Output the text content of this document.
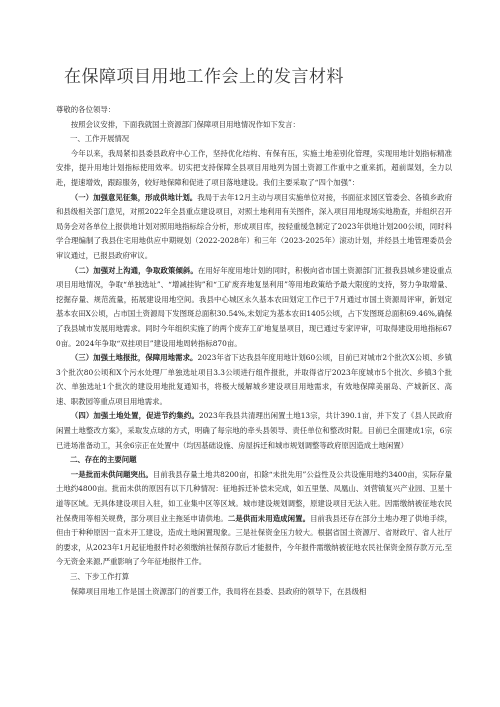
在保障项目用地工作会上的发言材料

尊敬的各位领导：

按照会议安排，下面我就国土资源部门保障项目用地情况作如下发言：

一、工作开展情况

今年以来，我局紧扣县委县政府中心工作，坚持优化结构、有保有压，实施土地差别化管理，实现用地计划指标精准安排，提升用地计划指标使用效率。切实把支持保障全县项目用地列为国土资源工作重中之重来抓，超前谋划，全力以赴，提速增效，跟踪服务，较好地保障和促进了项目落地建设。我们主要采取了“四个加强”：

（一）加强意见征集，形成供地计划。我局于去年12月主动与项目实施单位对接，书面征求园区管委会、各镇乡政府和县级相关部门意见，对照2022年全县重点建设项目，对照土地利用有关图件，深入项目用地现场实地勘查，并组织召开局务会对各单位上报供地计划对照用地指标综合分析，形成项目库，按轻重缓急制定了2023年供地计划200公顷，同时科学合理编制了我县住宅用地供应中期规划（2022-2028年）和三年（2023-2025年）滚动计划，并经县土地管理委员会审议通过，已报县政府审议。

（二）加强对上沟通，争取政策倾斜。在用好年度用地计划的同时，积极向省市国土资源部门汇报我县城乡建设重点项目用地情况，争取“单独选址”、“增减挂钩”和“工矿废弃地复垦利用”等用地政策给予最大限度的支持，努力争取增量、挖掘存量、规范流量，拓展建设用地空间。我县中心城区永久基本农田划定工作已于7月通过市国土资源局评审，新划定基本农田X公顷，占市国土资源局下发图斑总面积30.54%,未划定为基本农田1405公顷，占下发图斑总面积69.46%,确保了我县城市发展用地需求。同时今年组织实施了的两个废弃工矿地复垦项目，现已通过专家评审，可取得建设用地指标670亩。2024年争取“双挂项目”建设用地周转指标870亩。

（三）加强土地报批，保障用地需求。2023年省下达我县年度用地计划60公顷，目前已对城市2个批次X公顷、乡镇3个批次80公顷和X个污水处理厂单独选址项目3.3公顷进行组件报批，并取得省厅2023年度城市5个批次、乡镇3个批次、单独选址1个批次的建设用地批复通知书，将极大缓解城乡建设项目用地需求，有效地保障美丽岛、产城新区、高速、职教园等重点项目用地需求。

（四）加强土地处置，促进节约集约。2023年我县共清理出闲置土地13宗，共计390.1亩，并下发了《县人民政府闲置土地整改方案》，采取发点球的方式，明确了每宗地的牵头县领导、责任单位和整改时限。目前已全面建成1宗，6宗已进场准备动工，其余6宗正在处置中（均因基础设施、房屋拆迁和城市规划调整等政府原因造成土地闲置）

二、存在的主要问题

一是批而未供问题突出。目前我县存量土地共8200亩，扣除“未批先用”公益性及公共设施用地约3400亩，实际存量土地约4800亩。批而未供的原因有以下几种情况：征地拆迁补偿未完成，如五里堡、凤凰山、刘营镇复兴产业园、卫星十道等区域。无具体建设项目入驻，如工业集中区等区域。城市建设规划调整，原建设项目无法入驻。因需缴纳被征地农民社保费用等相关规费，部分项目业主拖延申请供地。二是供而未用造成闲置。目前我县还存在部分土地办理了供地手续，但由于种种原因一直未开工建设，造成土地闲置现象。三是社保资金压力较大。根据省国土资源厅、省财政厅、省人社厅的要求，从2023年1月起征地报件时必须缴纳社保预存款后才能报件，今年报件需缴纳被征地农民社保资金预存款万元,至今无资金来源,严重影响了今年征地报件工作。

三、下步工作打算

保障项目用地工作是国土资源部门的首要工作，我局将在县委、县政府的领导下，在县级相
